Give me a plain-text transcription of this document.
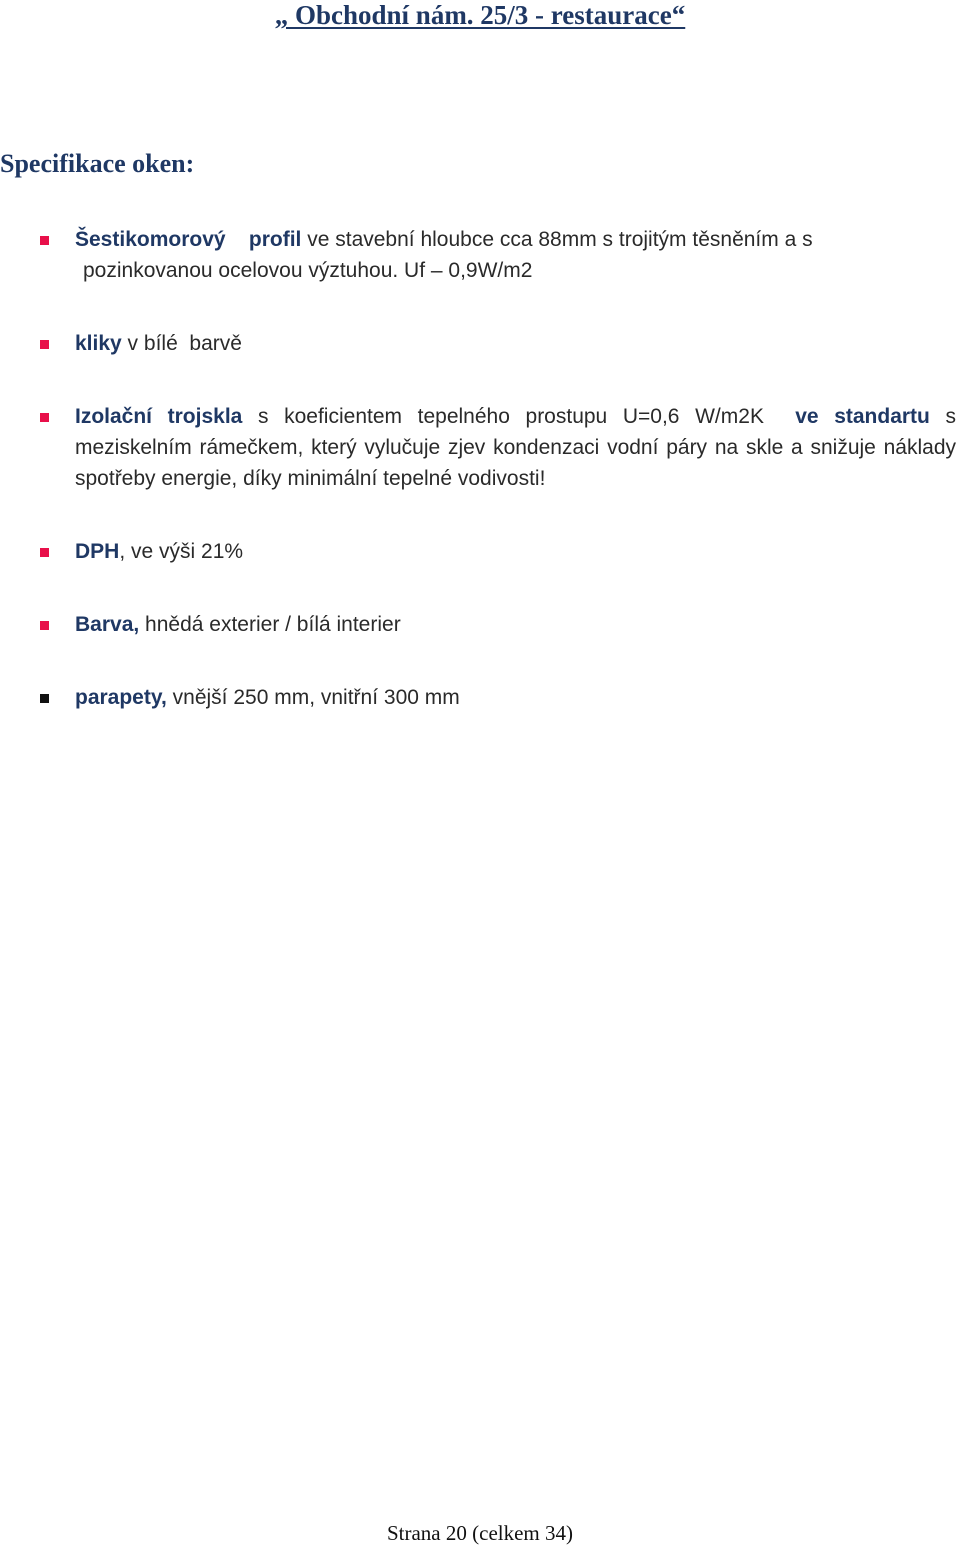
„ Obchodní nám. 25/3 - restaurace“
Specifikace oken:
Šestikomorový    profil ve stavební hloubce cca 88mm s trojitým těsněním a s
pozinkovanou ocelovou výztuhou. Uf – 0,9W/m2
kliky v bílé  barvě
Izolační trojskla s koeficientem tepelného prostupu U=0,6 W/m2K  ve standartu s meziskelním rámečkem, který vylučuje zjev kondenzaci vodní páry na skle a snižuje náklady spotřeby energie, díky minimální tepelné vodivosti!
DPH, ve výši 21%
Barva, hnědá exterier / bílá interier
parapety, vnější 250 mm, vnitřní 300 mm
Strana 20 (celkem 34)
